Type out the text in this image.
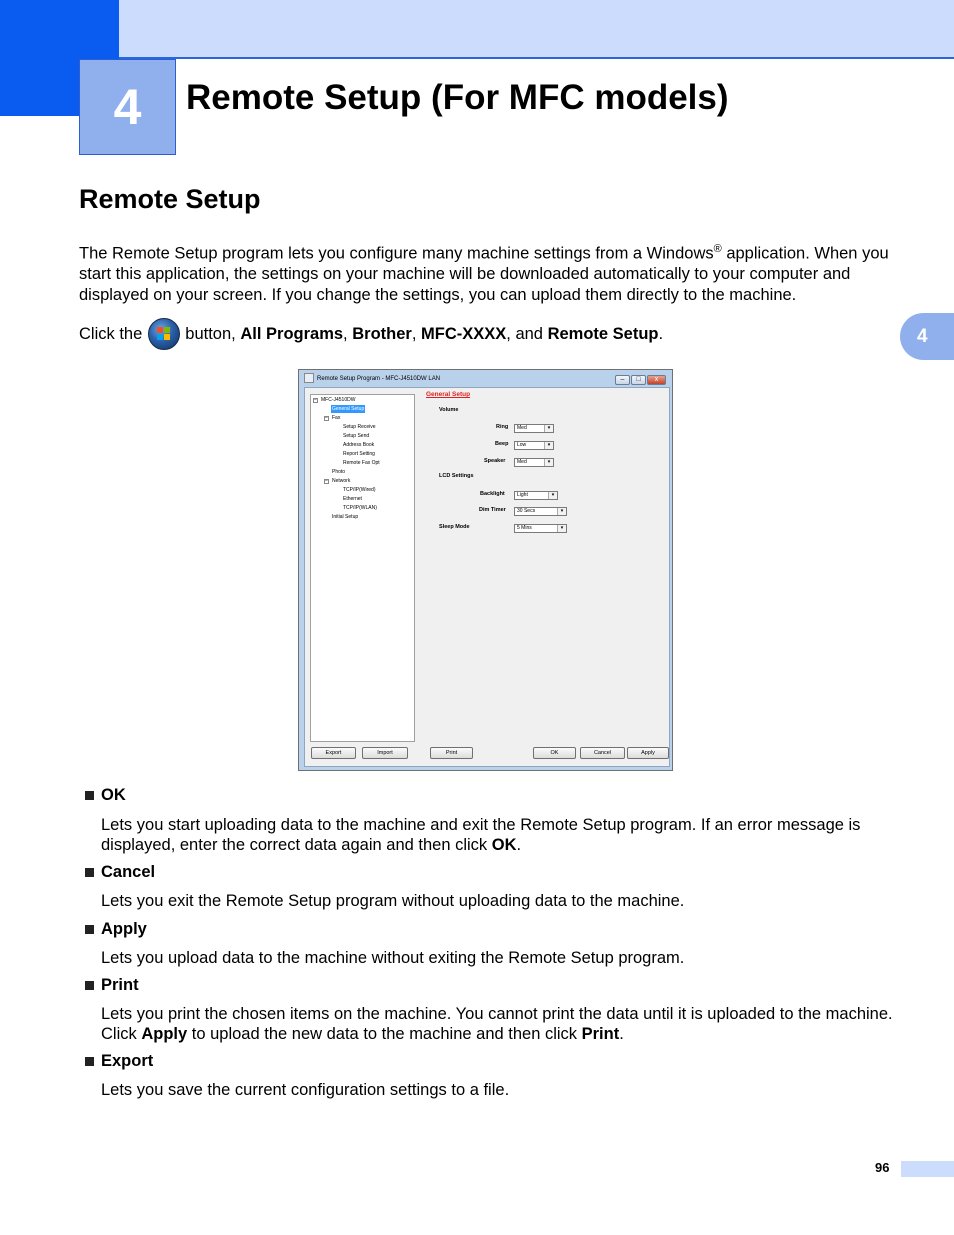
4 Remote Setup (For MFC models)
Remote Setup
The Remote Setup program lets you configure many machine settings from a Windows® application. When you start this application, the settings on your machine will be downloaded automatically to your computer and displayed on your screen. If you change the settings, you can upload them directly to the machine.
Click the	button,
All Programs ,
Brother ,
MFC-XXXX , and
Remote Setup .	4
Remote Setup Program - MFC-J4510DW LAN	–	□	x
− MFC-J4510DW
General Setup
− Fax
Setup Receive
Setup Send
Address Book
Report Setting
Remote Fax Opt
Photo
− Network
TCP/IP(Wired)
Ethernet
TCP/IP(WLAN)
Initial Setup
General Setup
Volume
Ring	Med	▾
Beep	Low	▾
Speaker	Med	▾
LCD Settings
Backlight	Light	▾
Dim Timer	30 Secs	▾
Sleep Mode	5 Mins	▾
Export	Import	Print	OK	Cancel	Apply
OK
Lets you start uploading data to the machine and exit the Remote Setup program. If an error message is displayed, enter the correct data again and then click OK.
Cancel
Lets you exit the Remote Setup program without uploading data to the machine.
Apply
Lets you upload data to the machine without exiting the Remote Setup program.
Print
Lets you print the chosen items on the machine. You cannot print the data until it is uploaded to the machine. Click Apply to upload the new data to the machine and then click Print.
Export
Lets you save the current configuration settings to a file.
96
